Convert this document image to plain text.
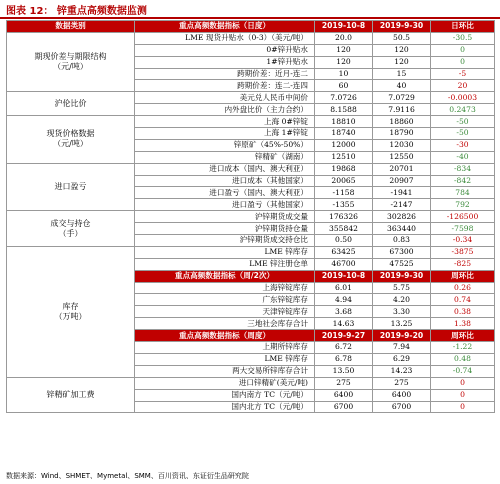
图表 12： 锌重点高频数据监测
数据类别	重点高频数据指标（日度）	2019-10-8	2019-9-30	日环比
期现价差与期限结构
（元/吨）	LME 现货升贴水（0-3）（美元/吨）	20.0	50.5	-30.5
	0#锌升贴水	120	120	0
	1#锌升贴水	120	120	0
	跨期价差：近月-连二	10	15	-5
	跨期价差：连二-连四	60	40	20
沪伦比价	美元兑人民币中间价	7.0726	7.0729	-0.0003
	内外盘比价（主力合约）	8.1588	7.9116	0.2473
现货价格数据
（元/吨）	上海 0#锌锭	18810	18860	-50
	上海 1#锌锭	18740	18790	-50
	锌原矿（45%-50%）	12000	12030	-30
	锌精矿（湖南）	12510	12550	-40
进口盈亏	进口成本（国内、澳大利亚）	19868	20701	-834
	进口成本（其他国家）	20065	20907	-842
	进口盈亏（国内、澳大利亚）	-1158	-1941	784
	进口盈亏（其他国家）	-1355	-2147	792
成交与持仓
（手）	沪锌期货成交量	176326	302826	-126500
	沪锌期货持仓量	355842	363440	-7598
	沪锌期货成交持仓比	0.50	0.83	-0.34
库存
（万吨）	LME 锌库存	63425	67300	-3875
	LME 锌注册仓单	46700	47525	-825
	重点高频数据指标（周/2次）	2019-10-8	2019-9-30	周环比
	上海锌锭库存	6.01	5.75	0.26
	广东锌锭库存	4.94	4.20	0.74
	天津锌锭库存	3.68	3.30	0.38
	三地社会库存合计	14.63	13.25	1.38
	重点高频数据指标（周度）	2019-9-27	2019-9-20	周环比
	上期所锌库存	6.72	7.94	-1.22
	LME 锌库存	6.78	6.29	0.48
	两大交易所锌库存合计	13.50	14.23	-0.74
锌精矿加工费	进口锌精矿(美元/吨)	275	275	0
	国内南方 TC（元/吨）	6400	6400	0
	国内北方 TC（元/吨）	6700	6700	0
数据来源：Wind、SHMET、Mymetal、SMM、百川资讯、东证衍生品研究院
